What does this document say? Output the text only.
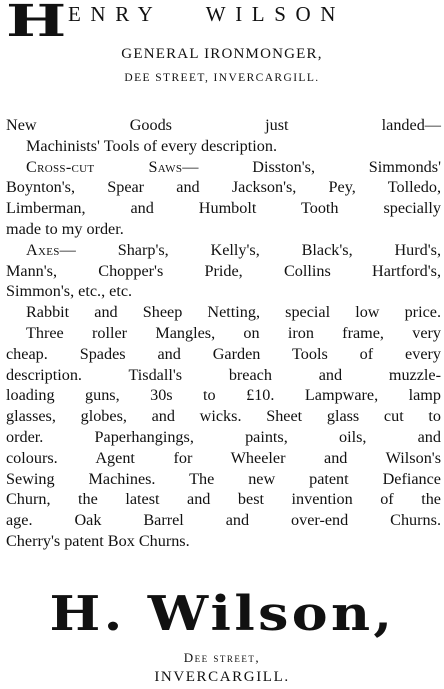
H ENRY   WILSON
GENERAL IRONMONGER,
DEE STREET, INVERCARGILL.

New Goods just landed—
Machinists' Tools of every description.

Cross-cut Saws— Disston's, Simmonds'
Boynton's, Spear and Jackson's, Pey, Tolledo,
Limberman, and Humbolt Tooth specially
made to my order.

Axes— Sharp's, Kelly's, Black's, Hurd's,
Mann's, Chopper's Pride, Collins Hartford's,
Simmon's, etc., etc.

Rabbit and Sheep Netting, special low price.

Three roller Mangles, on iron frame, very
cheap. Spades and Garden Tools of every
description. Tisdall's breach and muzzle-
loading guns, 30s to £10. Lampware, lamp
glasses, globes, and wicks. Sheet glass cut to
order. Paperhangings, paints, oils, and
colours. Agent for Wheeler and Wilson's
Sewing Machines. The new patent Defiance
Churn, the latest and best invention of the
age. Oak Barrel and over-end Churns.
Cherry's patent Box Churns.

H. Wilson,
Dee street,
INVERCARGILL.
